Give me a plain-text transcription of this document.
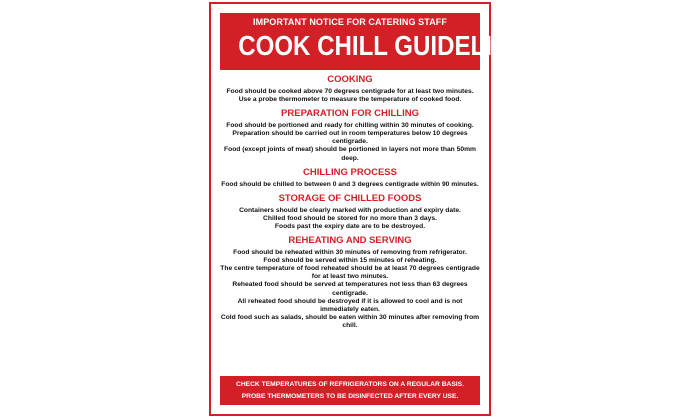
IMPORTANT NOTICE FOR CATERING STAFF
COOK CHILL GUIDELINES
COOKING

Food should be cooked above 70 degrees centigrade for at least two minutes.

Use a probe thermometer to measure the temperature of cooked food.

PREPARATION FOR CHILLING

Food should be portioned and ready for chilling within 30 minutes of cooking.

Preparation should be carried out in room temperatures below 10 degrees centigrade.

Food (except joints of meat) should be portioned in layers not more than 50mm deep.

CHILLING PROCESS

Food should be chilled to between 0 and 3 degrees centigrade within 90 minutes.

STORAGE OF CHILLED FOODS

Containers should be clearly marked with production and expiry date.

Chilled food should be stored for no more than 3 days.

Foods past the expiry date are to be destroyed.

REHEATING AND SERVING

Food should be reheated within 30 minutes of removing from refrigerator.

Food should be served within 15 minutes of reheating.

The centre temperature of food reheated should be at least 70 degrees centigrade for at least two minutes.

Reheated food should be served at temperatures not less than 63 degrees centigrade.

All reheated food should be destroyed if it is allowed to cool and is not immediately eaten.

Cold food such as salads, should be eaten within 30 minutes after removing from chill.

CHECK TEMPERATURES OF REFRIGERATORS ON A REGULAR BASIS.
PROBE THERMOMETERS TO BE DISINFECTED AFTER EVERY USE.
